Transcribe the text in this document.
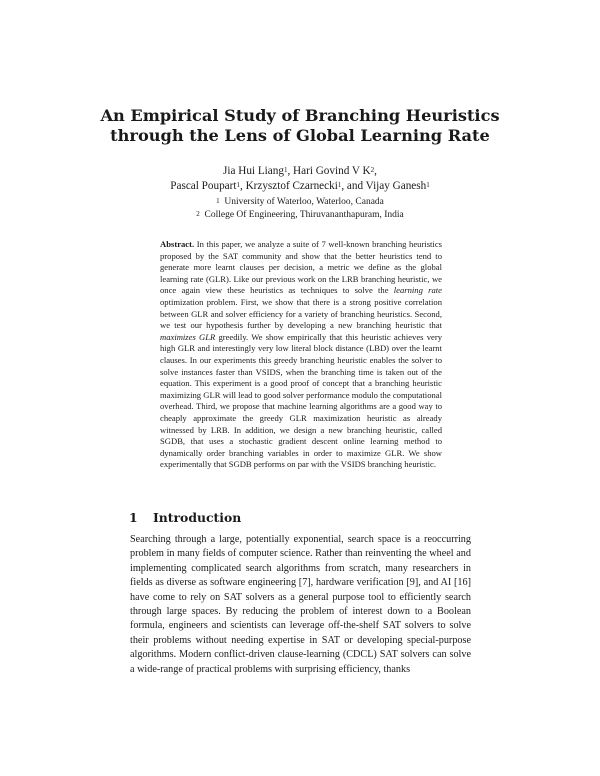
An Empirical Study of Branching Heuristics
through the Lens of Global Learning Rate
Jia Hui Liang$^1$, Hari Govind V $K^2$,
Pascal Poupart$^1$, Krzysztof Czarnecki$^1$, and Vijay Ganesh$^1$
$^1$ University of Waterloo, Waterloo, Canada
$^2$ College Of Engineering, Thiruvananthapuram, India

Abstract. In this paper, we analyze a suite of 7 well-known branching heuristics proposed by the SAT community and show that the better heuristics tend to generate more learnt clauses per decision, a metric we define as the global learning rate (GLR). Like our previous work on the LRB branching heuristic, we once again view these heuristics as techniques to solve the learning rate optimization problem. First, we show that there is a strong positive correlation between GLR and solver efficiency for a variety of branching heuristics. Second, we test our hypothesis further by developing a new branching heuristic that maximizes GLR greedily. We show empirically that this heuristic achieves very high GLR and interestingly very low literal block distance (LBD) over the learnt clauses. In our experiments this greedy branching heuristic enables the solver to solve instances faster than VSIDS, when the branching time is taken out of the equation. This experiment is a good proof of concept that a branching heuristic maximizing GLR will lead to good solver performance modulo the computational overhead. Third, we propose that machine learning algorithms are a good way to cheaply approximate the greedy GLR maximization heuristic as already witnessed by LRB. In addition, we design a new branching heuristic, called SGDB, that uses a stochastic gradient descent online learning method to dynamically order branching variables in order to maximize GLR. We show experimentally that SGDB performs on par with the VSIDS branching heuristic.

1 Introduction

Searching through a large, potentially exponential, search space is a reoccurring problem in many fields of computer science. Rather than reinventing the wheel and implementing complicated search algorithms from scratch, many researchers in fields as diverse as software engineering [7], hardware verification [9], and AI [16] have come to rely on SAT solvers as a general purpose tool to efficiently search through large spaces. By reducing the problem of interest down to a Boolean formula, engineers and scientists can leverage off-the-shelf SAT solvers to solve their problems without needing expertise in SAT or developing special-purpose algorithms. Modern conflict-driven clause-learning (CDCL) SAT solvers can solve a wide-range of practical problems with surprising efficiency, thanks
